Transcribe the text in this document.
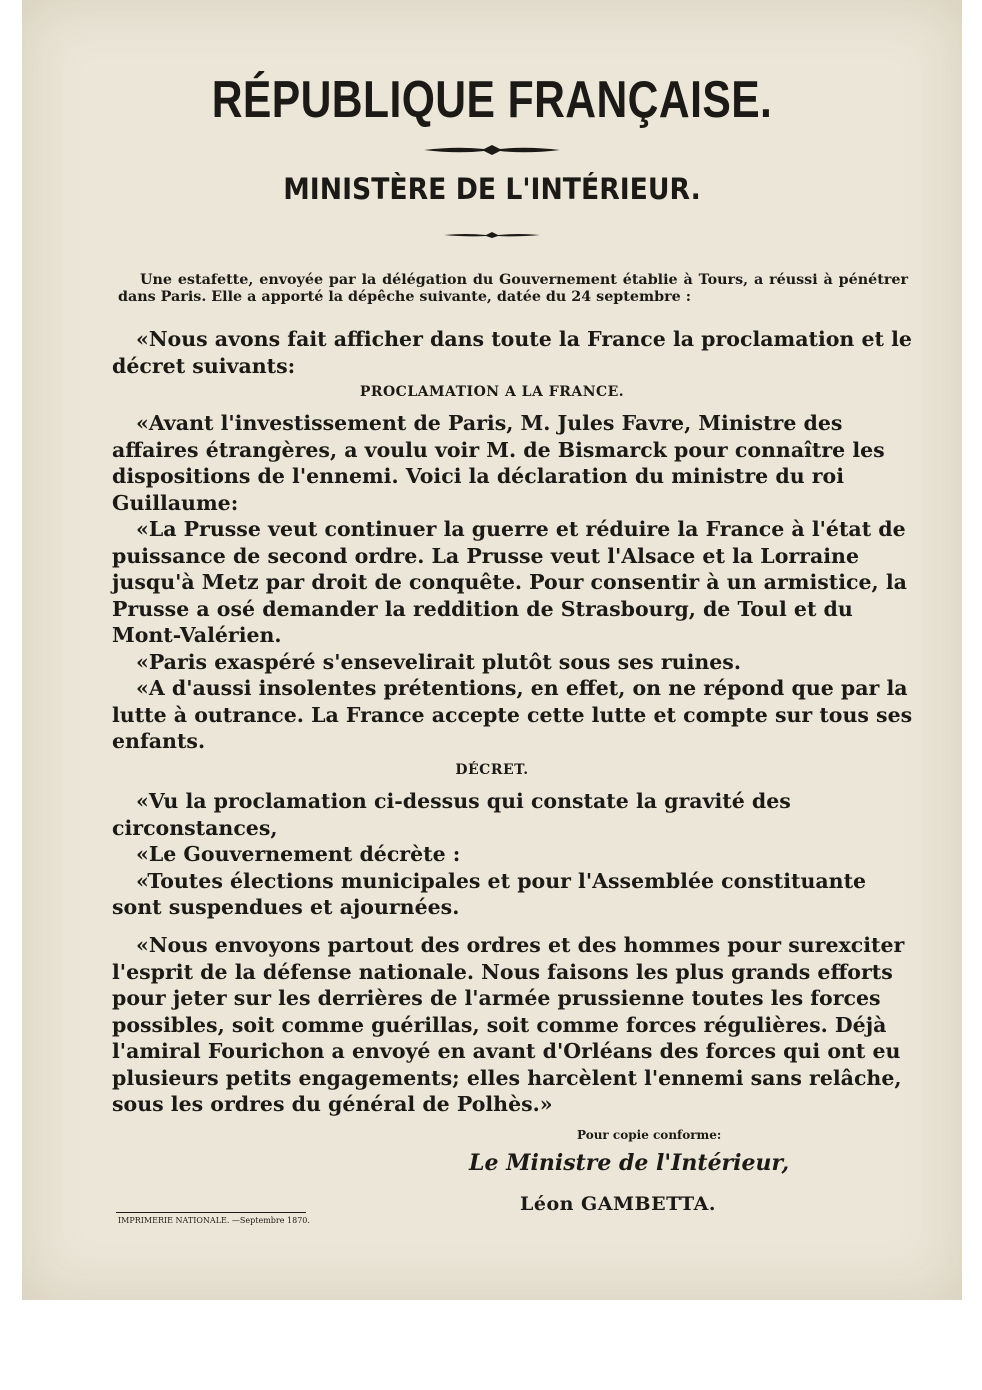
RÉPUBLIQUE FRANÇAISE.
MINISTÈRE DE L'INTÉRIEUR.

Une estafette, envoyée par la délégation du Gouvernement établie à Tours, a réussi à pénétrer dans Paris. Elle a apporté la dépêche suivante, datée du 24 septembre :

«Nous avons fait afficher dans toute la France la proclamation et le décret suivants:

PROCLAMATION A LA FRANCE.

«Avant l'investissement de Paris, M. Jules Favre, Ministre des affaires étrangères, a voulu voir M. de Bismarck pour connaître les dispositions de l'ennemi. Voici la déclaration du ministre du roi Guillaume:

«La Prusse veut continuer la guerre et réduire la France à l'état de puissance de second ordre. La Prusse veut l'Alsace et la Lorraine jusqu'à Metz par droit de conquête. Pour consentir à un armistice, la Prusse a osé demander la reddition de Strasbourg, de Toul et du Mont-Valérien.

«Paris exaspéré s'ensevelirait plutôt sous ses ruines.

«A d'aussi insolentes prétentions, en effet, on ne répond que par la lutte à outrance. La France accepte cette lutte et compte sur tous ses enfants.

DÉCRET.

«Vu la proclamation ci-dessus qui constate la gravité des circonstances,

«Le Gouvernement décrète :

«Toutes élections municipales et pour l'Assemblée constituante sont suspendues et ajournées.

«Nous envoyons partout des ordres et des hommes pour surexciter l'esprit de la défense nationale. Nous faisons les plus grands efforts pour jeter sur les derrières de l'armée prussienne toutes les forces possibles, soit comme guérillas, soit comme forces régulières. Déjà l'amiral Fourichon a envoyé en avant d'Orléans des forces qui ont eu plusieurs petits engagements; elles harcèlent l'ennemi sans relâche, sous les ordres du général de Polhès.»

Pour copie conforme:
Le Ministre de l'Intérieur,
Léon GAMBETTA.
IMPRIMERIE NATIONALE. —Septembre 1870.
